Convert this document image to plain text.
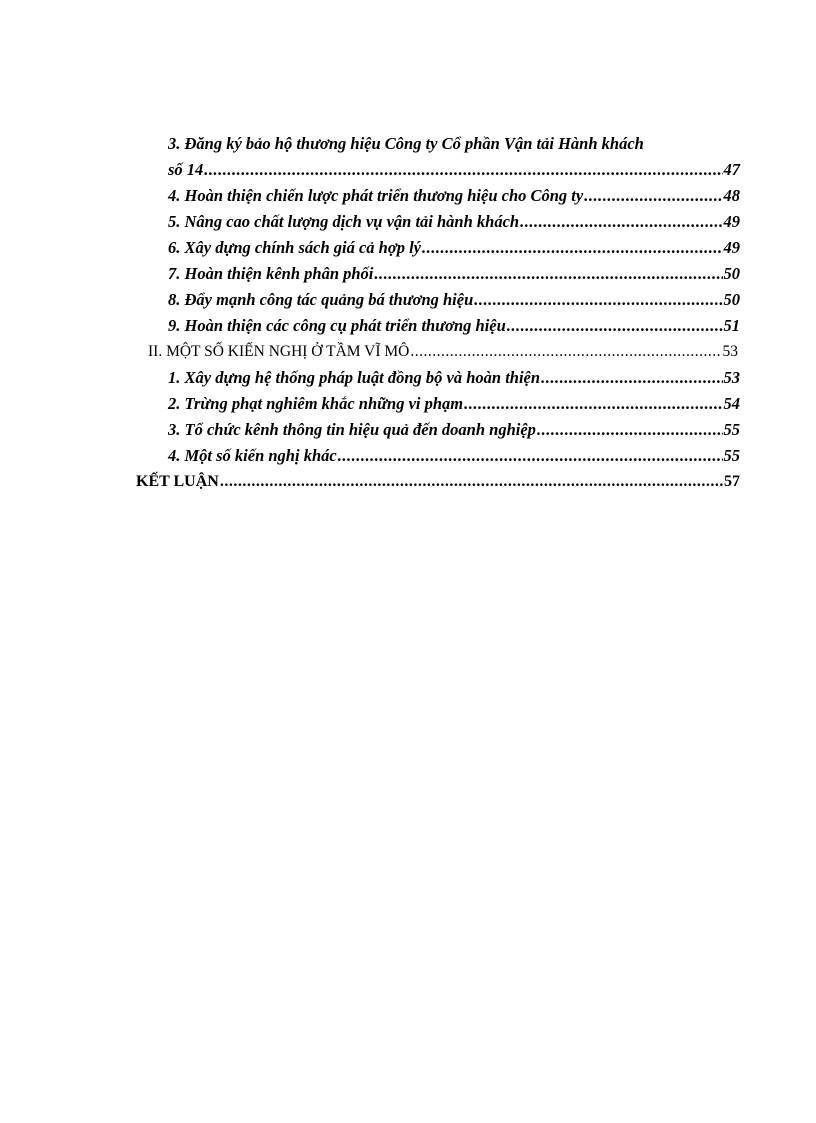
3. Đăng ký bảo hộ thương hiệu Công ty Cổ phần Vận tải Hành khách
số 14 .....	47
4. Hoàn thiện chiến lược phát triển thương hiệu cho Công ty .....	48
5. Nâng cao chất lượng dịch vụ vận tải hành khách .....	49
6. Xây dựng chính sách giá cả hợp lý .....	49
7. Hoàn thiện kênh phân phối .....	50
8. Đẩy mạnh công tác quảng bá thương hiệu .....	50
9. Hoàn thiện các công cụ phát triển thương hiệu .....	51
II. MỘT SỐ KIẾN NGHỊ Ở TẦM VĨ MÔ .....	53
1. Xây dựng hệ thống pháp luật đồng bộ và hoàn thiện .....	53
2. Trừng phạt nghiêm khắc những vi phạm .....	54
3. Tổ chức kênh thông tin hiệu quả đến doanh nghiệp .....	55
4. Một số kiến nghị khác .....	55
KẾT LUẬN .....	57
